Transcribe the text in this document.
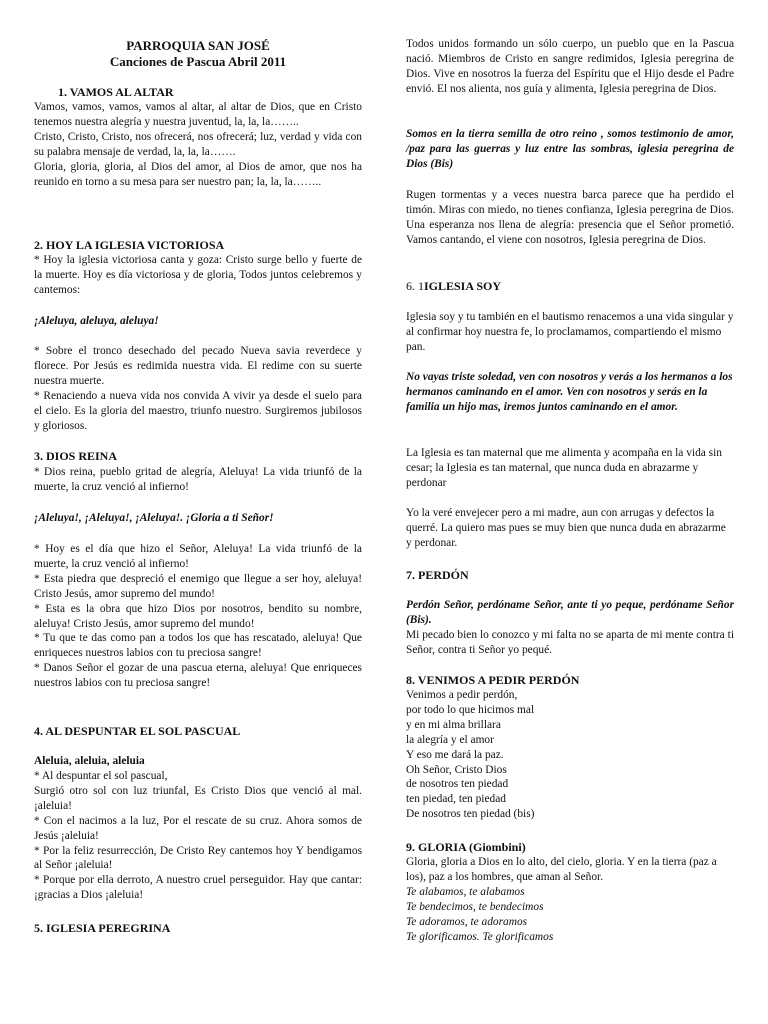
PARROQUIA SAN JOSÉ
Canciones de Pascua Abril 2011
1. VAMOS AL ALTAR

Vamos, vamos, vamos, vamos al altar, al altar de Dios, que en Cristo tenemos nuestra alegría y nuestra juventud, la, la, la……..

Cristo, Cristo, Cristo, nos ofrecerá, nos ofrecerá; luz, verdad y vida con su palabra mensaje de verdad, la, la, la…….

Gloria, gloria, gloria, al Dios del amor, al Dios de amor, que nos ha reunido en torno a su mesa para ser nuestro pan; la, la, la……..

2. HOY LA IGLESIA VICTORIOSA
* Hoy la iglesia victoriosa canta y goza: Cristo surge bello y fuerte de la muerte. Hoy es día victoriosa y de gloria, Todos juntos celebremos y cantemos:
¡Aleluya, aleluya, aleluya!

* Sobre el tronco desechado del pecado Nueva savia reverdece y florece. Por Jesús es redimida nuestra vida. El redime con su suerte nuestra muerte.

* Renaciendo a nueva vida nos convida A vivir ya desde el suelo para el cielo. Es la gloria del maestro, triunfo nuestro. Surgiremos jubilosos y gloriosos.

3. DIOS REINA
* Dios reina, pueblo gritad de alegría, Aleluya! La vida triunfó de la muerte, la cruz venció al infierno!
¡Aleluya!, ¡Aleluya!, ¡Aleluya!. ¡Gloria a ti Señor!

* Hoy es el día que hizo el Señor, Aleluya! La vida triunfó de la muerte, la cruz venció al infierno!

* Esta piedra que despreció el enemigo que llegue a ser hoy, aleluya! Cristo Jesús, amor supremo del mundo!

* Esta es la obra que hizo Dios por nosotros, bendito su nombre, aleluya! Cristo Jesús, amor supremo del mundo!

* Tu que te das como pan a todos los que has rescatado, aleluya! Que enriqueces nuestros labios con tu preciosa sangre!

* Danos Señor el gozar de una pascua eterna, aleluya! Que enriqueces nuestros labios con tu preciosa sangre!

4. AL DESPUNTAR EL SOL PASCUAL
Aleluia, aleluia, aleluia

* Al despuntar el sol pascual,

Surgió otro sol con luz triunfal, Es Cristo Dios que venció al mal. ¡aleluia!

* Con el nacimos a la luz, Por el rescate de su cruz. Ahora somos de Jesús ¡aleluia!

* Por la feliz resurrección, De Cristo Rey cantemos hoy Y bendigamos al Señor ¡aleluia!

* Porque por ella derroto, A nuestro cruel perseguidor. Hay que cantar: ¡gracias a Dios ¡aleluia!

5. IGLESIA PEREGRINA
Todos unidos formando un sólo cuerpo, un pueblo que en la Pascua nació. Miembros de Cristo en sangre redimidos, Iglesia peregrina de Dios. Vive en nosotros la fuerza del Espíritu que el Hijo desde el Padre envió. El nos alienta, nos guía y alimenta, Iglesia peregrina de Dios.
Somos en la tierra semilla de otro reino , somos testimonio de amor, /paz para las guerras y luz entre las sombras, iglesia peregrina de Dios (Bis)
Rugen tormentas y a veces nuestra barca parece que ha perdido el timón. Miras con miedo, no tienes confianza, Iglesia peregrina de Dios. Una esperanza nos llena de alegría: presencia que el Señor prometió. Vamos cantando, el viene con nosotros, Iglesia peregrina de Dios.
6. 1IGLESIA SOY
Iglesia soy y tu también en el bautismo renacemos a una vida singular y al confirmar hoy nuestra fe, lo proclamamos, compartiendo el mismo pan.
No vayas triste soledad, ven con nosotros y verás a los hermanos a los hermanos caminando en el amor. Ven con nosotros y serás en la familia un hijo mas, iremos juntos caminando en el amor.
La Iglesia es tan maternal que me alimenta y acompaña en la vida sin cesar; la Iglesia es tan maternal, que nunca duda en abrazarme y perdonar
Yo la veré envejecer pero a mi madre, aun con arrugas y defectos la querré. La quiero mas pues se muy bien que nunca duda en abrazarme y perdonar.
7. PERDÓN
Perdón Señor, perdóname Señor, ante ti yo peque, perdóname Señor (Bis).
Mi pecado bien lo conozco y mi falta no se aparta de mi mente contra ti Señor, contra ti Señor yo pequé.
8. VENIMOS A PEDIR PERDÓN

Venimos a pedir perdón,

por todo lo que hicimos mal

y en mi alma brillara

la alegría y el amor

Y eso me dará la paz.

Oh Señor, Cristo Dios

de nosotros ten piedad

ten piedad, ten piedad

De nosotros ten piedad (bis)

9. GLORIA (Giombini)
Gloria, gloria a Dios en lo alto, del cielo, gloria. Y en la tierra (paz a los), paz a los hombres, que aman al Señor.

Te alabamos, te alabamos

Te bendecimos, te bendecimos

Te adoramos, te adoramos

Te glorificamos. Te glorificamos
